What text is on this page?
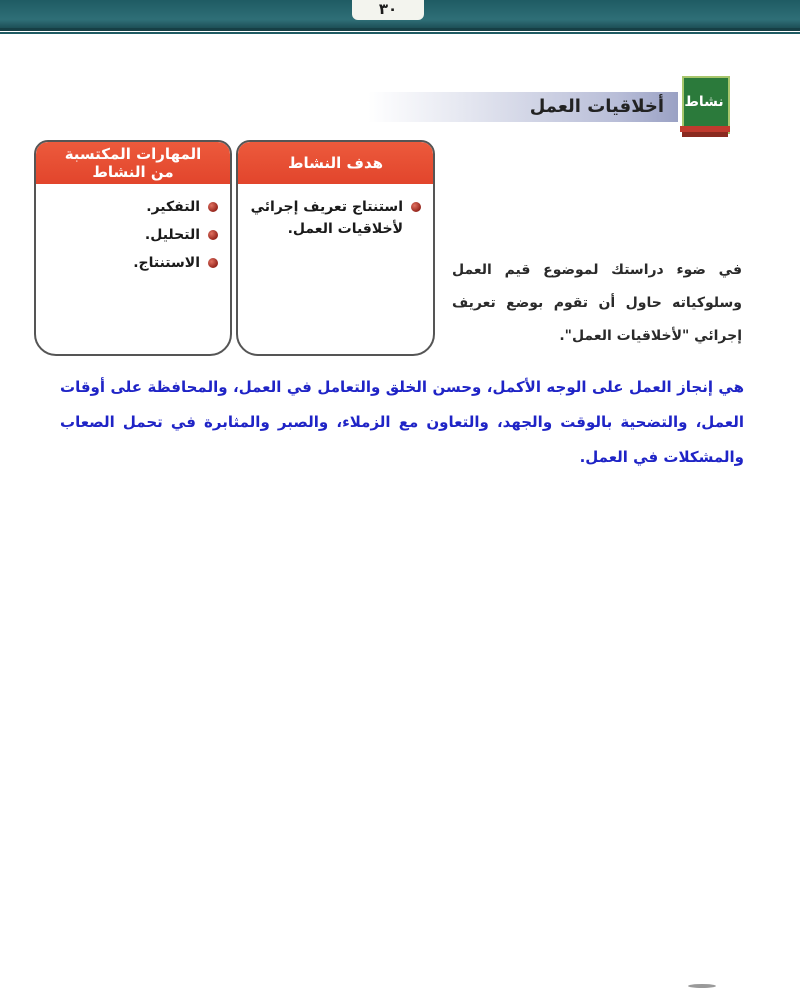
٣٠
أخلاقيات العمل نشاط
هدف النشاط
استنتاج تعريف إجرائي لأخلاقيات العمل.
المهارات المكتسبة
من النشاط
التفكير.
التحليل.
الاستنتاج.	في ضوء دراستك لموضوع قيم العمل وسلوكياته حاول أن تقوم بوضع تعريف إجرائي "لأخلاقيات العمل".
هي إنجاز العمل على الوجه الأكمل، وحسن الخلق والتعامل في العمل، والمحافظة على أوقات العمل، والتضحية بالوقت والجهد، والتعاون مع الزملاء، والصبر والمثابرة في تحمل الصعاب والمشكلات في العمل.
